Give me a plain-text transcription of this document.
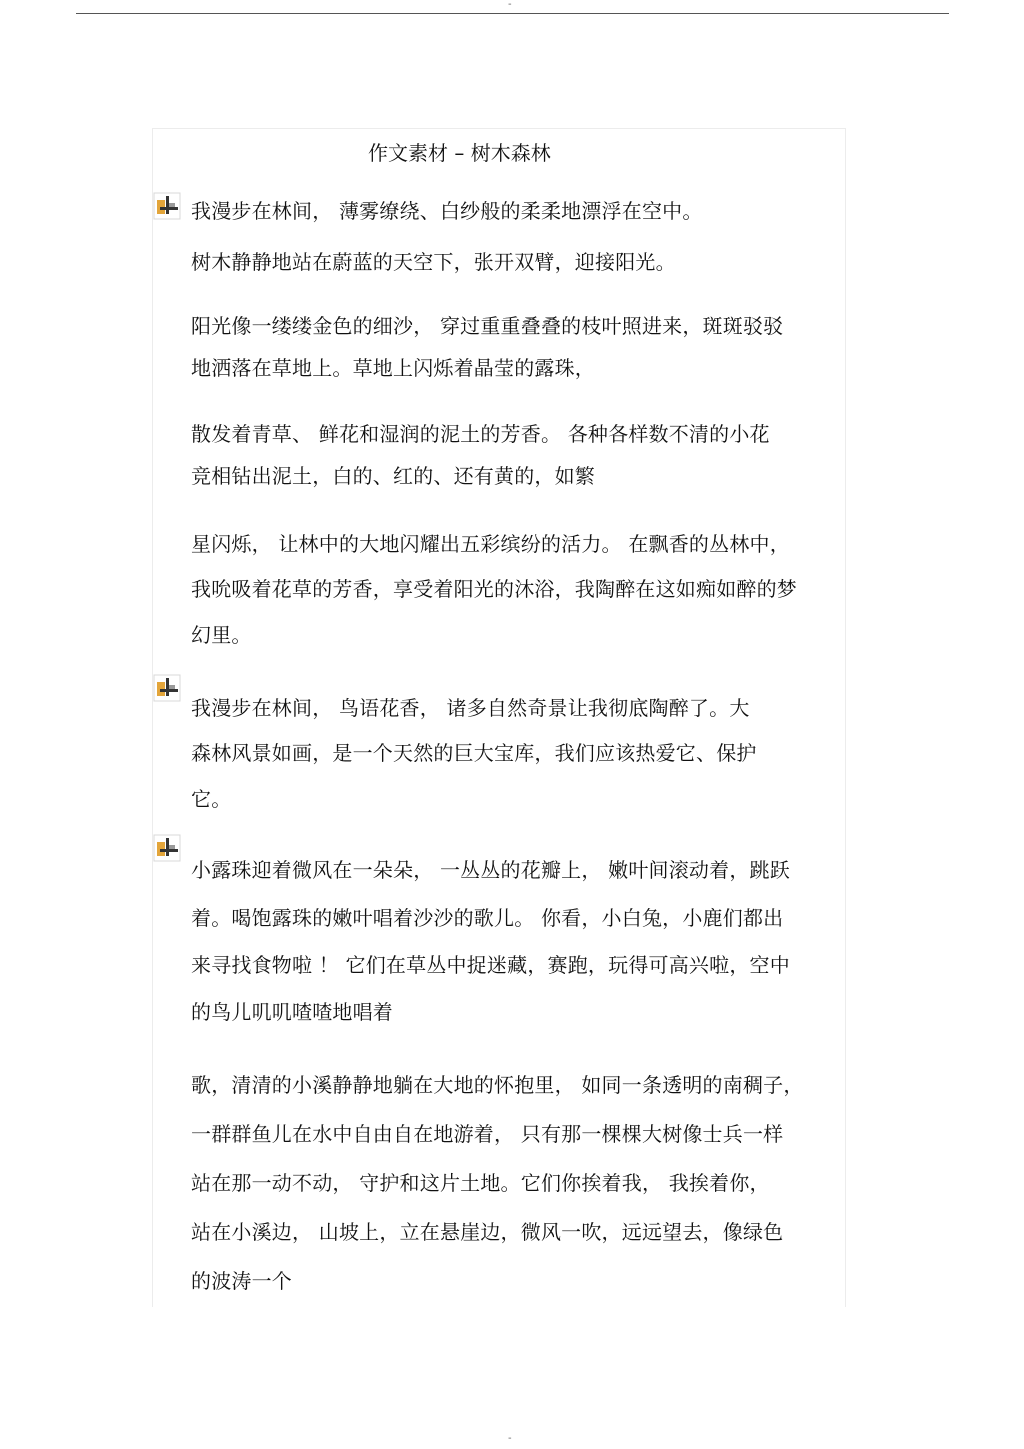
-
作文素材 – 树木森林
我漫步在林间， 薄雾缭绕、白纱般的柔柔地漂浮在空中。
树木静静地站在蔚蓝的天空下，张开双臂，迎接阳光。
阳光像一缕缕金色的细沙， 穿过重重叠叠的枝叶照进来，斑斑驳驳
地洒落在草地上。草地上闪烁着晶莹的露珠，
散发着青草、 鲜花和湿润的泥土的芳香。 各种各样数不清的小花
竞相钻出泥土，白的、红的、还有黄的，如繁
星闪烁， 让林中的大地闪耀出五彩缤纷的活力。 在飘香的丛林中，
我吮吸着花草的芳香，享受着阳光的沐浴，我陶醉在这如痴如醉的梦
幻里。
我漫步在林间， 鸟语花香， 诸多自然奇景让我彻底陶醉了。大
森林风景如画，是一个天然的巨大宝库，我们应该热爱它、保护
它。
小露珠迎着微风在一朵朵， 一丛丛的花瓣上， 嫩叶间滚动着，跳跃
着。喝饱露珠的嫩叶唱着沙沙的歌儿。 你看，小白兔，小鹿们都出
来寻找食物啦 ！ 它们在草丛中捉迷藏，赛跑，玩得可高兴啦，空中
的鸟儿叽叽喳喳地唱着
歌，清清的小溪静静地躺在大地的怀抱里， 如同一条透明的南稠子，
一群群鱼儿在水中自由自在地游着， 只有那一棵棵大树像士兵一样
站在那一动不动， 守护和这片土地。它们你挨着我， 我挨着你，
站在小溪边， 山坡上，立在悬崖边，微风一吹，远远望去，像绿色
的波涛一个
-
